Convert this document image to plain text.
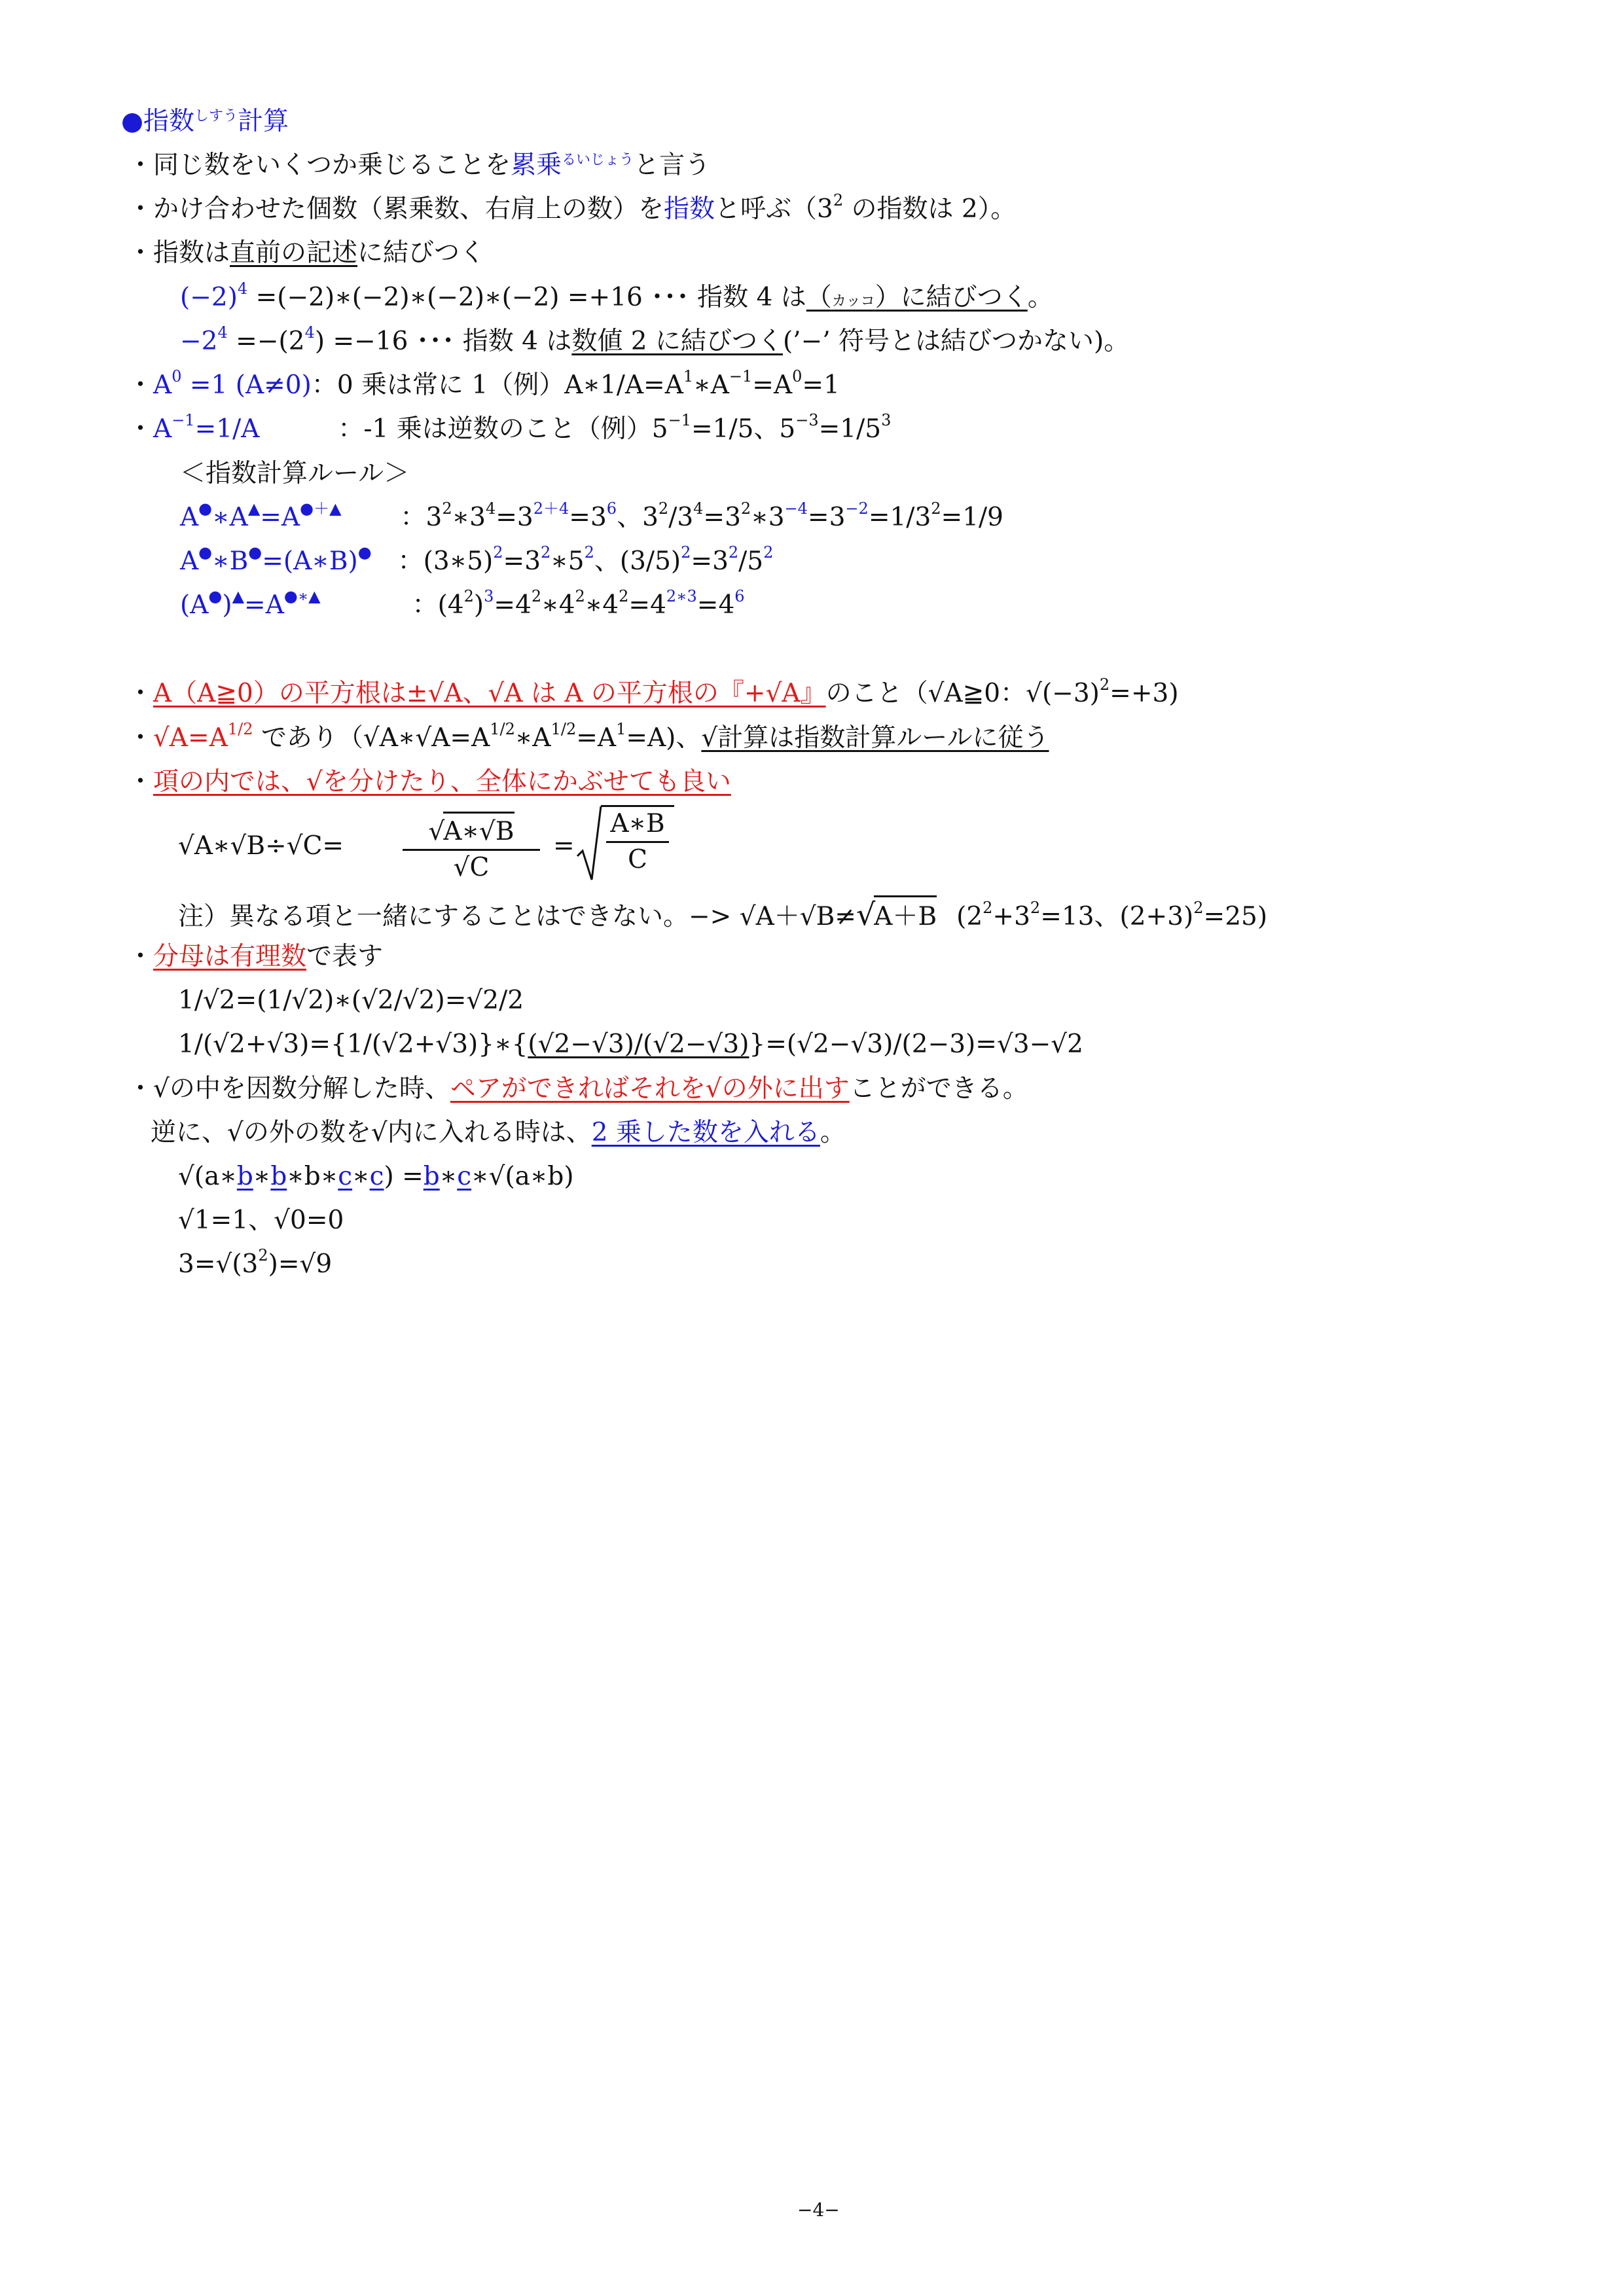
●指数$^{しすう}$計算
・同じ数をいくつか乗じることを累乗$^{るいじょう}$と言う
・かけ合わせた個数（累乗数、右肩上の数）を指数と呼ぶ（$3^2$ の指数は 2）。
・指数は直前の記述に結びつく
$(-2)^4$ =(−2)∗(−2)∗(−2)∗(−2) =+16 ･･･ 指数 4 は（カッコ）に結びつく。
$-2^4 =-(2^4) =-16$ ･･･ 指数 4 は数値 2 に結びつく(’−’ 符号とは結びつかない)。
・$A^0 =1$ (A≠0)：0 乗は常に 1（例）$A∗1/A=A^1∗A^{-1}=A^0=1$
・$A^{-1}=1/A$	：-1 乗は逆数のこと（例）$5^{-1}=1/5$、$5^{-3}=1/5^3$
＜指数計算ルール＞
A●∗A▲=A●＋▲ ：$3^2∗3^4=3^{2+4}=3^6$、$3^2/3^4=3^2∗3^{-4}=3^{-2}=1/3^2=1/9$
A●∗B●=(A∗B)● ：$(3∗5)^2=3^2∗5^2$、$(3/5)^2=3^2/5^2$
(A●)▲=A●∗▲	：$(4^2)^3=4^2∗4^2∗4^2=4^{2∗3}=4^6$
・A（A≧0）の平方根は±√A、√A は A の平方根の『+√A』のこと（√A≧0：$√(-3)^2=+3$)
・$√A=A^{1/2}$ であり$(√A∗√A=A^{1/2}∗A^{1/2}=A^1=A)$、√計算は指数計算ルールに従う
・項の内では、√を分けたり、全体にかぶせても良い
√A∗√B÷√C= $\frac{√A∗√B}{√C} = \frac{A∗B}{C}$
注）異なる項と一緒にすることはできない。−> √A＋√B≠√A＋B ($2^2+3^2=13$、$(2+3)^2=25$)
・分母は有理数で表す
1/√2=(1/√2)∗(√2/√2)=√2/2
1/(√2+√3)={1/(√2+√3)}∗{(√2−√3)/(√2−√3)}=(√2−√3)/(2−3)=√3−√2
・√の中を因数分解した時、ペアができればそれを√の外に出すことができる。
逆に、√の外の数を√内に入れる時は、2 乗した数を入れる。
√(a∗b∗b∗b∗c∗c) =b∗c∗√(a∗b)
√1=1、√0=0
$3=√(3^2)=√9$
−4−
